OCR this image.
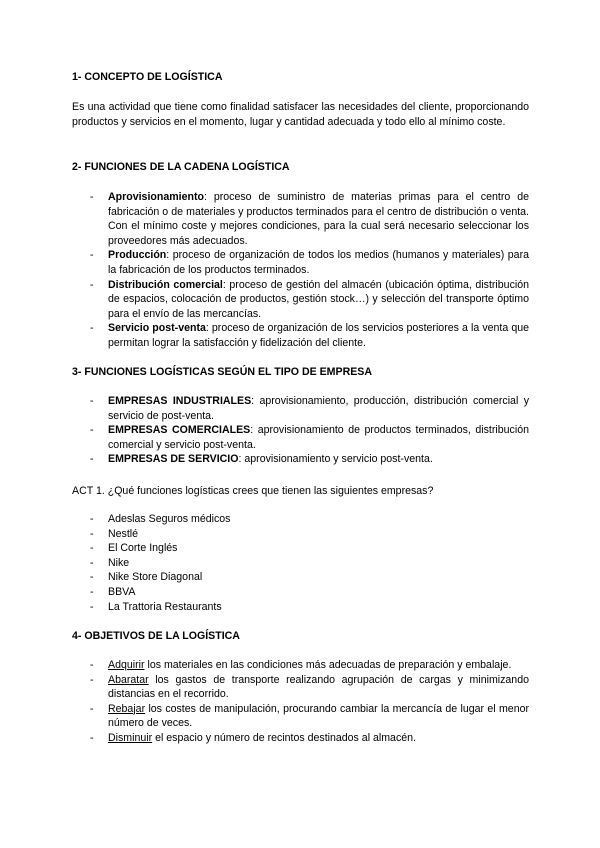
1- CONCEPTO DE LOGÍSTICA

Es una actividad que tiene como finalidad satisfacer las necesidades del cliente, proporcionando productos y servicios en el momento, lugar y cantidad adecuada y todo ello al mínimo coste.

2- FUNCIONES DE LA CADENA LOGÍSTICA

- Aprovisionamiento: proceso de suministro de materias primas para el centro de fabricación o de materiales y productos terminados para el centro de distribución o venta. Con el mínimo coste y mejores condiciones, para la cual será necesario seleccionar los proveedores más adecuados.
- Producción: proceso de organización de todos los medios (humanos y materiales) para la fabricación de los productos terminados.
- Distribución comercial: proceso de gestión del almacén (ubicación óptima, distribución de espacios, colocación de productos, gestión stock…) y selección del transporte óptimo para el envío de las mercancías.
- Servicio post-venta: proceso de organización de los servicios posteriores a la venta que permitan lograr la satisfacción y fidelización del cliente.

3- FUNCIONES LOGÍSTICAS SEGÚN EL TIPO DE EMPRESA

- EMPRESAS INDUSTRIALES: aprovisionamiento, producción, distribución comercial y servicio de post-venta.
- EMPRESAS COMERCIALES: aprovisionamiento de productos terminados, distribución comercial y servicio post-venta.
- EMPRESAS DE SERVICIO: aprovisionamiento y servicio post-venta.

ACT 1. ¿Qué funciones logísticas crees que tienen las siguientes empresas?

- Adeslas Seguros médicos
- Nestlé
- El Corte Inglés
- Nike
- Nike Store Diagonal
- BBVA
- La Trattoria Restaurants

4- OBJETIVOS DE LA LOGÍSTICA

- Adquirir los materiales en las condiciones más adecuadas de preparación y embalaje.
- Abaratar los gastos de transporte realizando agrupación de cargas y minimizando distancias en el recorrido.
- Rebajar los costes de manipulación, procurando cambiar la mercancía de lugar el menor número de veces.
- Disminuir el espacio y número de recintos destinados al almacén.
